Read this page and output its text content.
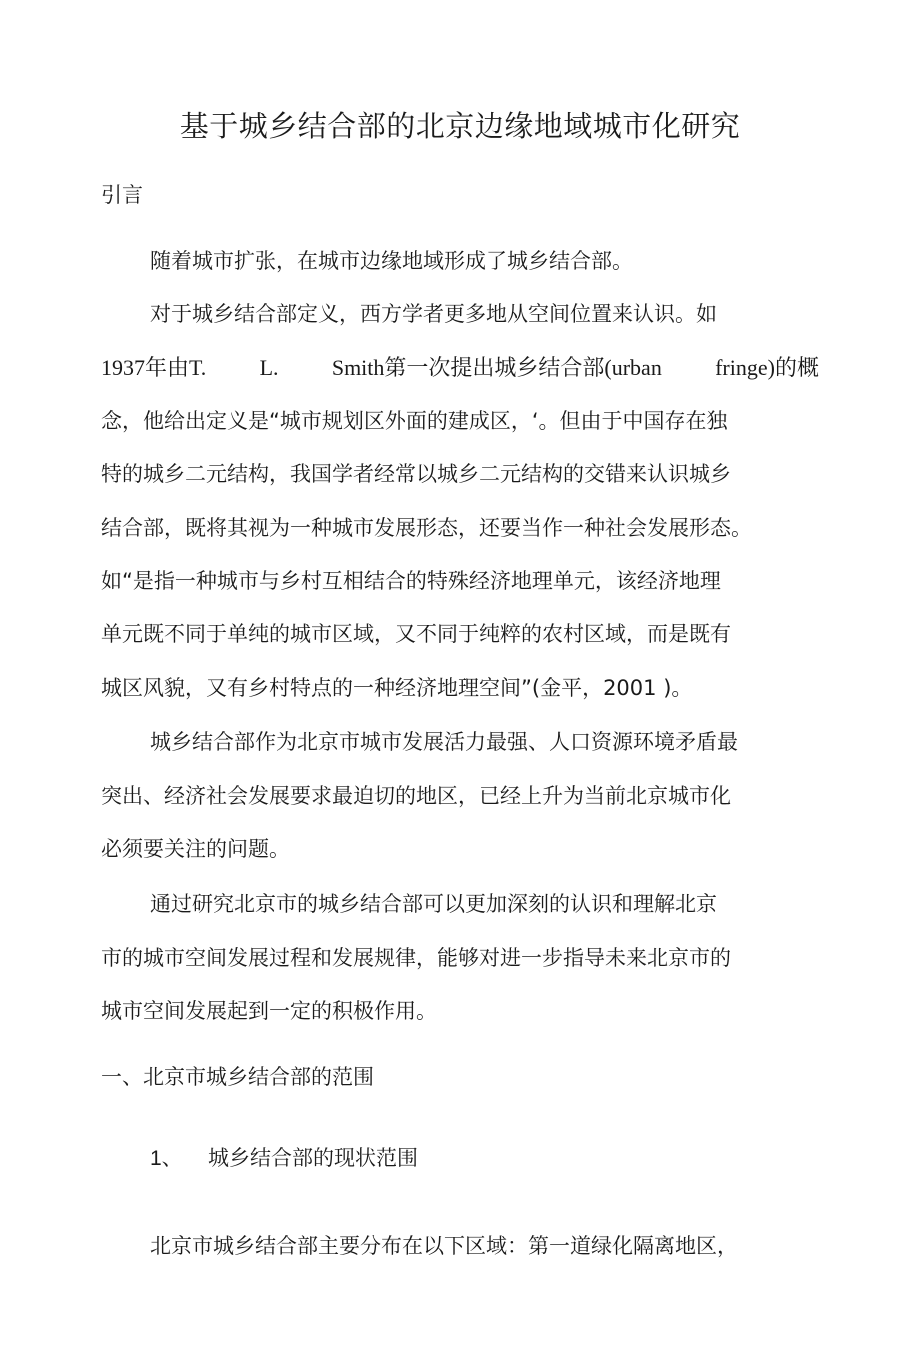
基于城乡结合部的北京边缘地域城市化研究
引言
随着城市扩张，在城市边缘地域形成了城乡结合部。
对于城乡结合部定义，西方学者更多地从空间位置来认识。如
1937年由T. L. Smith第一次提出城乡结合部(urban fringe)的概
念，他给出定义是“城市规划区外面的建成区，‘。但由于中国存在独
特的城乡二元结构，我国学者经常以城乡二元结构的交错来认识城乡
结合部，既将其视为一种城市发展形态，还要当作一种社会发展形态。
如“是指一种城市与乡村互相结合的特殊经济地理单元，该经济地理
单元既不同于单纯的城市区域，又不同于纯粹的农村区域，而是既有
城区风貌，又有乡村特点的一种经济地理空间”(金平，2001 )。
城乡结合部作为北京市城市发展活力最强、人口资源环境矛盾最
突出、经济社会发展要求最迫切的地区，已经上升为当前北京城市化
必须要关注的问题。
通过研究北京市的城乡结合部可以更加深刻的认识和理解北京
市的城市空间发展过程和发展规律，能够对进一步指导未来北京市的
城市空间发展起到一定的积极作用。
一、北京市城乡结合部的范围
1、 城乡结合部的现状范围
北京市城乡结合部主要分布在以下区域：第一道绿化隔离地区，
